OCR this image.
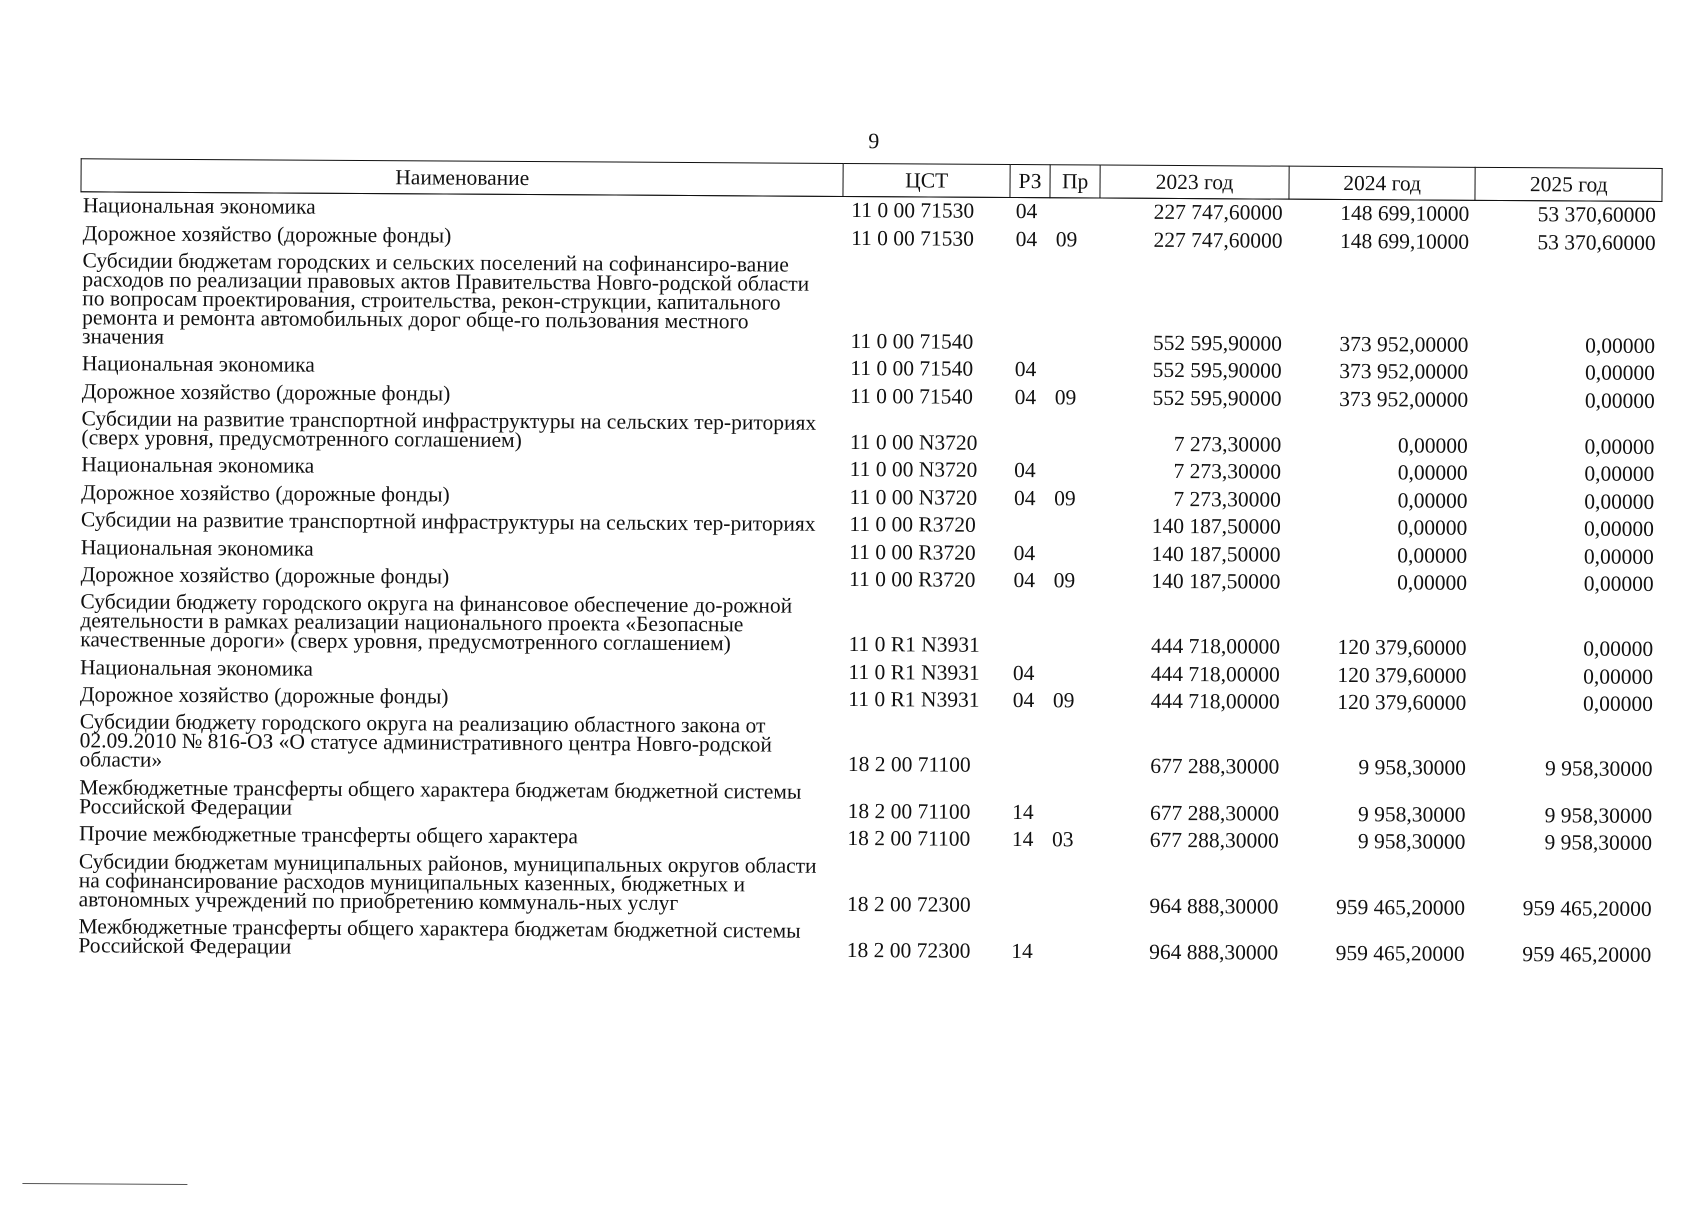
9
Наименование	ЦСТ	РЗ	Пр	2023 год	2024 год	2025 год
Национальная экономика	11 0 00 71530	04		227 747,60000	148 699,10000	53 370,60000
Дорожное хозяйство (дорожные фонды)	11 0 00 71530	04	09	227 747,60000	148 699,10000	53 370,60000
Субсидии бюджетам городских и сельских поселений на софинансиро-вание расходов по реализации правовых актов Правительства Новго-родской области по вопросам проектирования, строительства, рекон-струкции, капитального ремонта и ремонта автомобильных дорог обще-го пользования местного значения	11 0 00 71540			552 595,90000	373 952,00000	0,00000
Национальная экономика	11 0 00 71540	04		552 595,90000	373 952,00000	0,00000
Дорожное хозяйство (дорожные фонды)	11 0 00 71540	04	09	552 595,90000	373 952,00000	0,00000
Субсидии на развитие транспортной инфраструктуры на сельских тер-риториях (сверх уровня, предусмотренного соглашением)	11 0 00 N3720			7 273,30000	0,00000	0,00000
Национальная экономика	11 0 00 N3720	04		7 273,30000	0,00000	0,00000
Дорожное хозяйство (дорожные фонды)	11 0 00 N3720	04	09	7 273,30000	0,00000	0,00000
Субсидии на развитие транспортной инфраструктуры на сельских тер-риториях	11 0 00 R3720			140 187,50000	0,00000	0,00000
Национальная экономика	11 0 00 R3720	04		140 187,50000	0,00000	0,00000
Дорожное хозяйство (дорожные фонды)	11 0 00 R3720	04	09	140 187,50000	0,00000	0,00000
Субсидии бюджету городского округа на финансовое обеспечение до-рожной деятельности в рамках реализации национального проекта «Безопасные качественные дороги» (сверх уровня, предусмотренного соглашением)	11 0 R1 N3931			444 718,00000	120 379,60000	0,00000
Национальная экономика	11 0 R1 N3931	04		444 718,00000	120 379,60000	0,00000
Дорожное хозяйство (дорожные фонды)	11 0 R1 N3931	04	09	444 718,00000	120 379,60000	0,00000
Субсидии бюджету городского округа на реализацию областного закона от 02.09.2010 № 816-ОЗ «О статусе административного центра Новго-родской области»	18 2 00 71100			677 288,30000	9 958,30000	9 958,30000
Межбюджетные трансферты общего характера бюджетам бюджетной системы Российской Федерации	18 2 00 71100	14		677 288,30000	9 958,30000	9 958,30000
Прочие межбюджетные трансферты общего характера	18 2 00 71100	14	03	677 288,30000	9 958,30000	9 958,30000
Субсидии бюджетам муниципальных районов, муниципальных округов области на софинансирование расходов муниципальных казенных, бюджетных и автономных учреждений по приобретению коммуналь-ных услуг	18 2 00 72300			964 888,30000	959 465,20000	959 465,20000
Межбюджетные трансферты общего характера бюджетам бюджетной системы Российской Федерации	18 2 00 72300	14		964 888,30000	959 465,20000	959 465,20000
